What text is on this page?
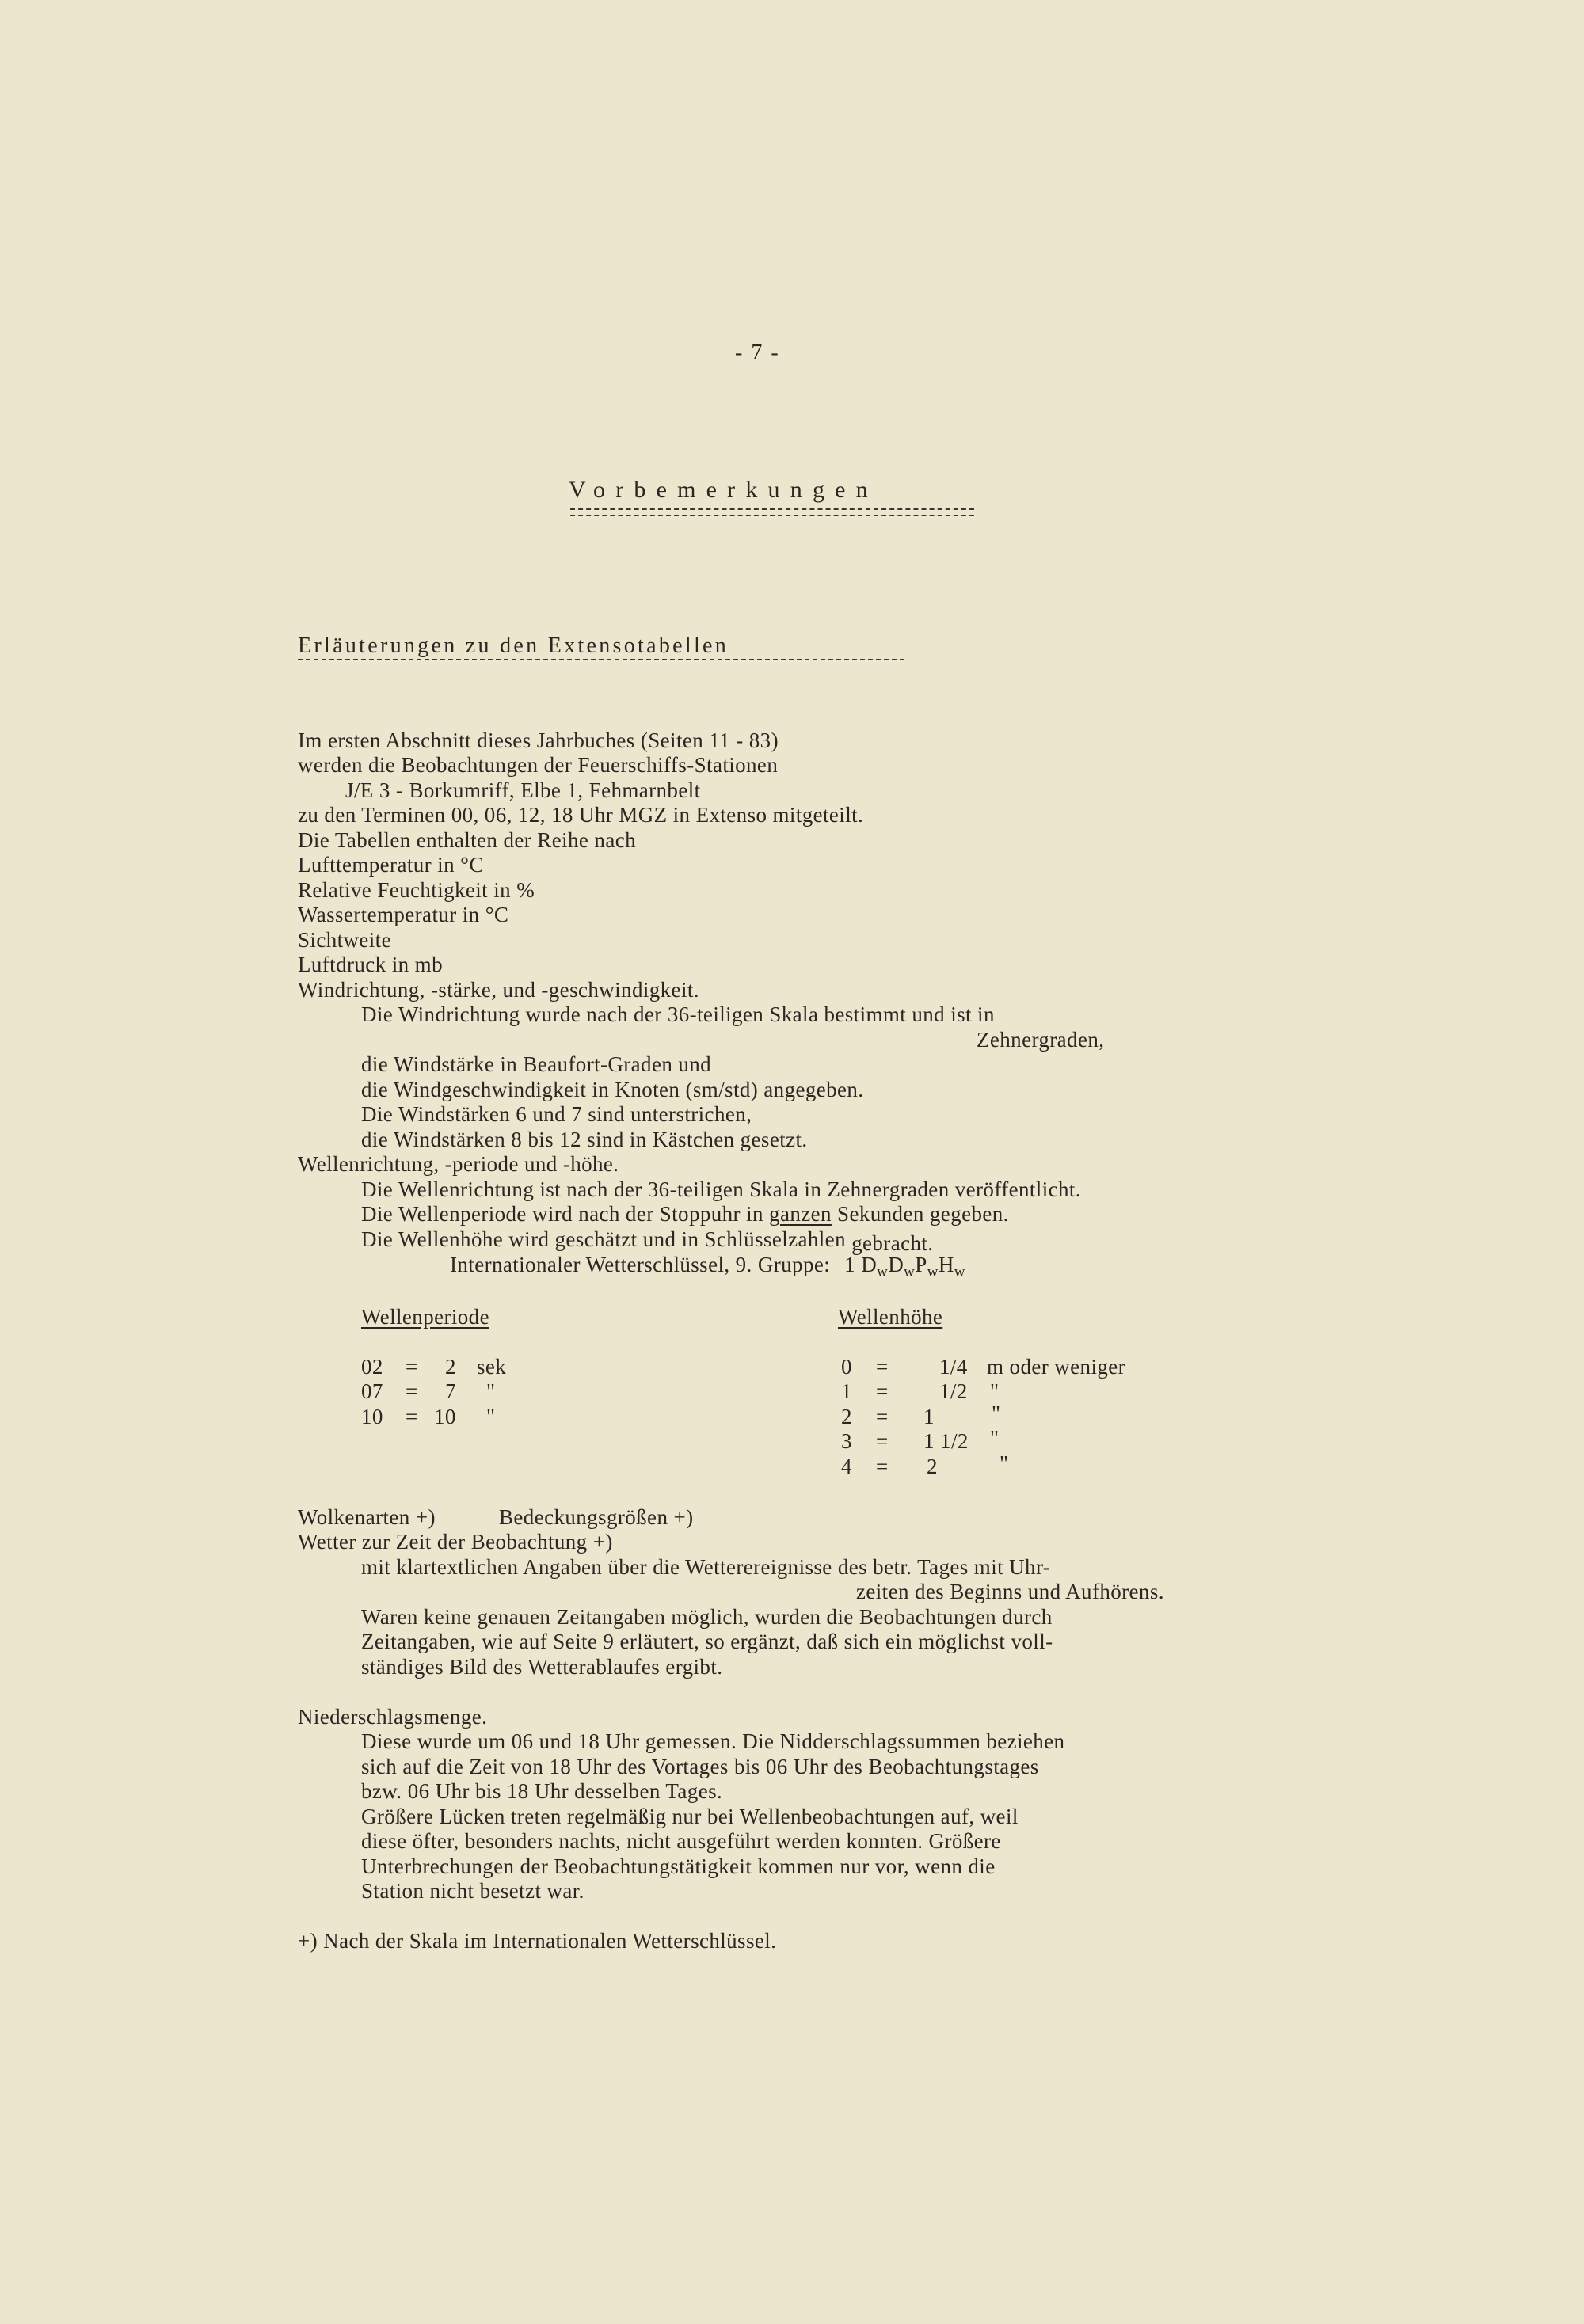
- 7 -
Vorbemerkungen
Erläuterungen zu den Extensotabellen
Im ersten Abschnitt dieses Jahrbuches (Seiten 11 - 83)
werden die Beobachtungen der Feuerschiffs-Stationen
J/E 3 - Borkumriff, Elbe 1, Fehmarnbelt
zu den Terminen 00, 06, 12, 18 Uhr MGZ in Extenso mitgeteilt.
Die Tabellen enthalten der Reihe nach
Lufttemperatur in °C
Relative Feuchtigkeit in %
Wassertemperatur in °C
Sichtweite
Luftdruck in mb
Windrichtung, -stärke, und -geschwindigkeit.
Die Windrichtung wurde nach der 36-teiligen Skala bestimmt und ist in
Zehnergraden,
die Windstärke in Beaufort-Graden und
die Windgeschwindigkeit in Knoten (sm/std) angegeben.
Die Windstärken 6 und 7 sind unterstrichen,
die Windstärken 8 bis 12 sind in Kästchen gesetzt.
Wellenrichtung, -periode und -höhe.
Die Wellenrichtung ist nach der 36-teiligen Skala in Zehnergraden veröffentlicht.
Die Wellenperiode wird nach der Stoppuhr in ganzen Sekunden gegeben.
Die Wellenhöhe wird geschätzt und in Schlüsselzahlen gebracht.
Internationaler Wetterschlüssel, 9. Gruppe: 1 $D_wD_wP_wH_w$
Wellenperiode
02 = 2 sek
07 = 7 "
10 = 10 "
Wellenhöhe
0 = 1/4 m oder weniger
1 = 1/2 "
2 = 1	"
3 = 1 1/2 "
4 = 2	"
Wolkenarten +)	Bedeckungsgrößen +)
Wetter zur Zeit der Beobachtung +)
mit klartextlichen Angaben über die Wetterereignisse des betr. Tages mit Uhr-
zeiten des Beginns und Aufhörens.
Waren keine genauen Zeitangaben möglich, wurden die Beobachtungen durch
Zeitangaben, wie auf Seite 9 erläutert, so ergänzt, daß sich ein möglichst voll-
ständiges Bild des Wetterablaufes ergibt.
Niederschlagsmenge.
Diese wurde um 06 und 18 Uhr gemessen. Die Nidderschlagssummen beziehen
sich auf die Zeit von 18 Uhr des Vortages bis 06 Uhr des Beobachtungstages
bzw. 06 Uhr bis 18 Uhr desselben Tages.
Größere Lücken treten regelmäßig nur bei Wellenbeobachtungen auf, weil
diese öfter, besonders nachts, nicht ausgeführt werden konnten. Größere
Unterbrechungen der Beobachtungstätigkeit kommen nur vor, wenn die
Station nicht besetzt war.
+) Nach der Skala im Internationalen Wetterschlüssel.
